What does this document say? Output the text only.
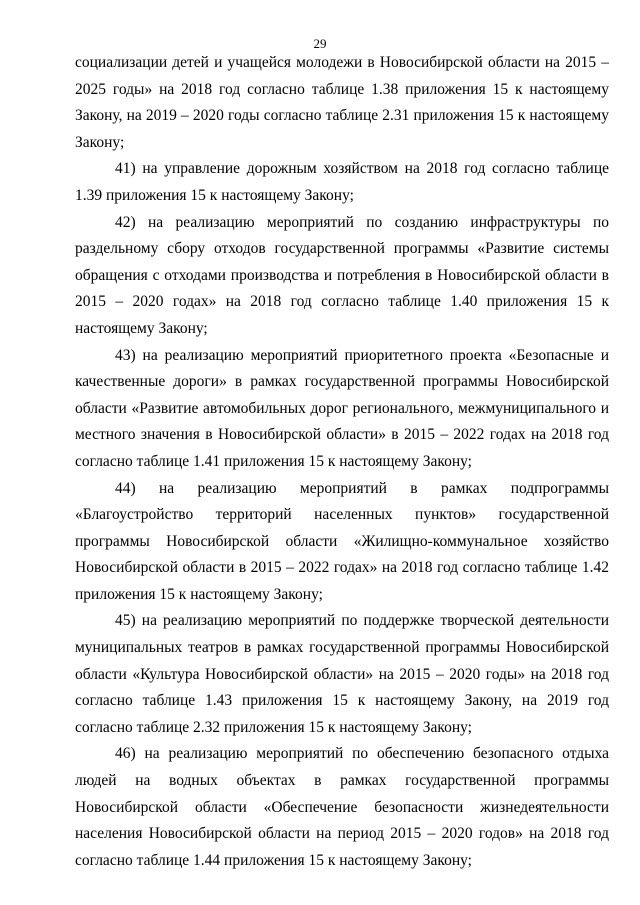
29

социализации детей и учащейся молодежи в Новосибирской области на 2015 – 2025 годы» на 2018 год согласно таблице 1.38 приложения 15 к настоящему Закону, на 2019 – 2020 годы согласно таблице 2.31 приложения 15 к настоящему Закону;

41) на управление дорожным хозяйством на 2018 год согласно таблице 1.39 приложения 15 к настоящему Закону;

42) на реализацию мероприятий по созданию инфраструктуры по раздельному сбору отходов государственной программы «Развитие системы обращения с отходами производства и потребления в Новосибирской области в 2015 – 2020 годах» на 2018 год согласно таблице 1.40 приложения 15 к настоящему Закону;

43) на реализацию мероприятий приоритетного проекта «Безопасные и качественные дороги» в рамках государственной программы Новосибирской области «Развитие автомобильных дорог регионального, межмуниципального и местного значения в Новосибирской области» в 2015 – 2022 годах на 2018 год согласно таблице 1.41 приложения 15 к настоящему Закону;

44) на реализацию мероприятий в рамках подпрограммы «Благоустройство территорий населенных пунктов» государственной программы Новосибирской области «Жилищно-коммунальное хозяйство Новосибирской области в 2015 – 2022 годах» на 2018 год согласно таблице 1.42 приложения 15 к настоящему Закону;

45) на реализацию мероприятий по поддержке творческой деятельности муниципальных театров в рамках государственной программы Новосибирской области «Культура Новосибирской области» на 2015 – 2020 годы» на 2018 год согласно таблице 1.43 приложения 15 к настоящему Закону, на 2019 год согласно таблице 2.32 приложения 15 к настоящему Закону;

46) на реализацию мероприятий по обеспечению безопасного отдыха людей на водных объектах в рамках государственной программы Новосибирской области «Обеспечение безопасности жизнедеятельности населения Новосибирской области на период 2015 – 2020 годов» на 2018 год согласно таблице 1.44 приложения 15 к настоящему Закону;
